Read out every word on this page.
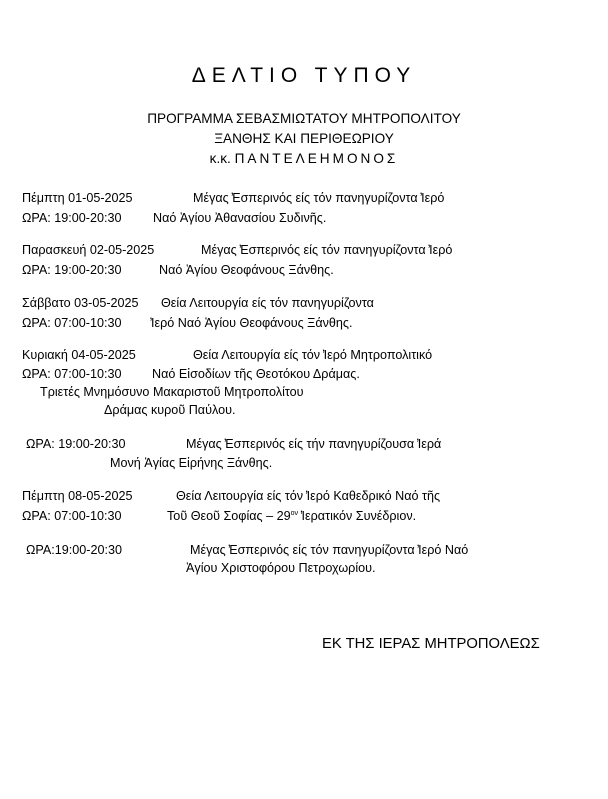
ΔΕΛΤΙΟ ΤΥΠΟΥ
ΠΡΟΓΡΑΜΜΑ ΣΕΒΑΣΜΙΩΤΑΤΟΥ ΜΗΤΡΟΠΟΛΙΤΟΥ
ΞΑΝΘΗΣ ΚΑΙ ΠΕΡΙΘΕΩΡΙΟΥ
κ.κ. ΠΑΝΤΕΛΕΗΜΟΝΟΣ
Πέμπτη 01-05-2025	Μέγας ̓Εσπερινός είς τόν πανηγυρίζοντα ̓Ιερό
ΩΡΑ: 19:00-20:30 Ναό Ἁγίου Ἀθανασίου Συδινῆς.
Παρασκευή 02-05-2025	Μέγας ̓Εσπερινός είς τόν πανηγυρίζοντα ̓Ιερό
ΩΡΑ: 19:00-20:30	Ναό Ἁγίου Θεοφάνους Ξάνθης.
Σάββατο 03-05-2025 Θεία Λειτουργία είς τόν πανηγυρίζοντα
ΩΡΑ: 07:00-10:30 ̓Ιερό Ναό Ἁγίου Θεοφάνους Ξάνθης.
Κυριακή 04-05-2025	Θεία Λειτουργία είς τόν ̓Ιερό Μητροπολιτικό
ΩΡΑ: 07:00-10:30 Ναό Εἰσοδίων τῆς Θεοτόκου Δράμας.
Τριετές Μνημόσυνο Μακαριστοῦ Μητροπολίτου
Δράμας κυροῦ Παύλου.
ΩΡΑ: 19:00-20:30	Μέγας ̓Εσπερινός είς τήν πανηγυρίζουσα ̓Ιερά
Μονή Ἁγίας Εἰρήνης Ξάνθης.
Πέμπτη 08-05-2025	Θεία Λειτουργία είς τόν ̓Ιερό Καθεδρικό Ναό τῆς
ΩΡΑ: 07:00-10:30	Τοῦ Θεοῦ Σοφίας – $29^{o\nu}$ ̓Ιερατικόν Συνέδριον.
ΩΡΑ:19:00-20:30	Μέγας ̓Εσπερινός είς τόν πανηγυρίζοντα ̓Ιερό Ναό
Ἁγίου Χριστοφόρου Πετροχωρίου.
ΕΚ ΤΗΣ ΙΕΡΑΣ ΜΗΤΡΟΠΟΛΕΩΣ
